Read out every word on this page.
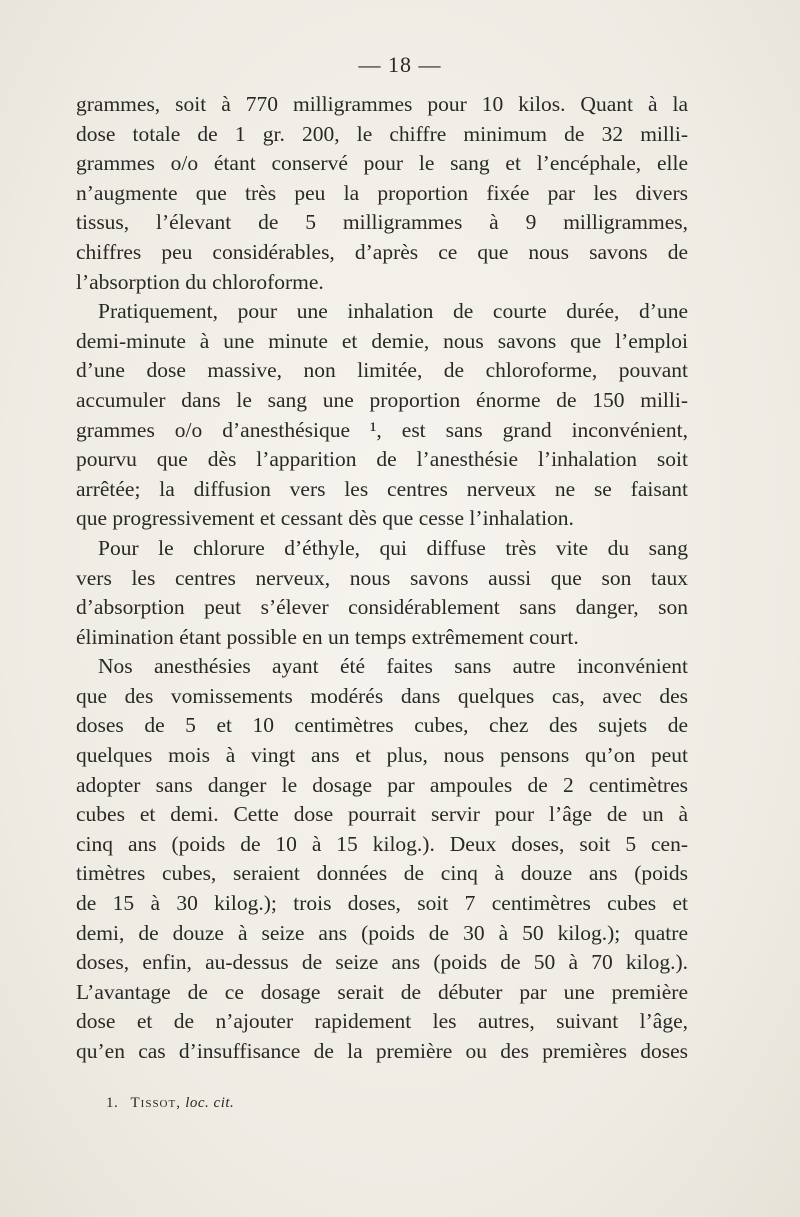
— 18 —
grammes, soit à 770 milligrammes pour 10 kilos. Quant à la
dose totale de 1 gr. 200, le chiffre minimum de 32 milli-
grammes o/o étant conservé pour le sang et l’encéphale, elle
n’augmente que très peu la proportion fixée par les divers
tissus, l’élevant de 5 milligrammes à 9 milligrammes,
chiffres peu considérables, d’après ce que nous savons de
l’absorption du chloroforme.
Pratiquement, pour une inhalation de courte durée, d’une
demi-minute à une minute et demie, nous savons que l’emploi
d’une dose massive, non limitée, de chloroforme, pouvant
accumuler dans le sang une proportion énorme de 150 milli-
grammes o/o d’anesthésique ¹, est sans grand inconvénient,
pourvu que dès l’apparition de l’anesthésie l’inhalation soit
arrêtée; la diffusion vers les centres nerveux ne se faisant
que progressivement et cessant dès que cesse l’inhalation.
Pour le chlorure d’éthyle, qui diffuse très vite du sang
vers les centres nerveux, nous savons aussi que son taux
d’absorption peut s’élever considérablement sans danger, son
élimination étant possible en un temps extrêmement court.
Nos anesthésies ayant été faites sans autre inconvénient
que des vomissements modérés dans quelques cas, avec des
doses de 5 et 10 centimètres cubes, chez des sujets de
quelques mois à vingt ans et plus, nous pensons qu’on peut
adopter sans danger le dosage par ampoules de 2 centimètres
cubes et demi. Cette dose pourrait servir pour l’âge de un à
cinq ans (poids de 10 à 15 kilog.). Deux doses, soit 5 cen-
timètres cubes, seraient données de cinq à douze ans (poids
de 15 à 30 kilog.); trois doses, soit 7 centimètres cubes et
demi, de douze à seize ans (poids de 30 à 50 kilog.); quatre
doses, enfin, au-dessus de seize ans (poids de 50 à 70 kilog.).
L’avantage de ce dosage serait de débuter par une première
dose et de n’ajouter rapidement les autres, suivant l’âge,
qu’en cas d’insuffisance de la première ou des premières doses
1. Tissot, loc. cit.
